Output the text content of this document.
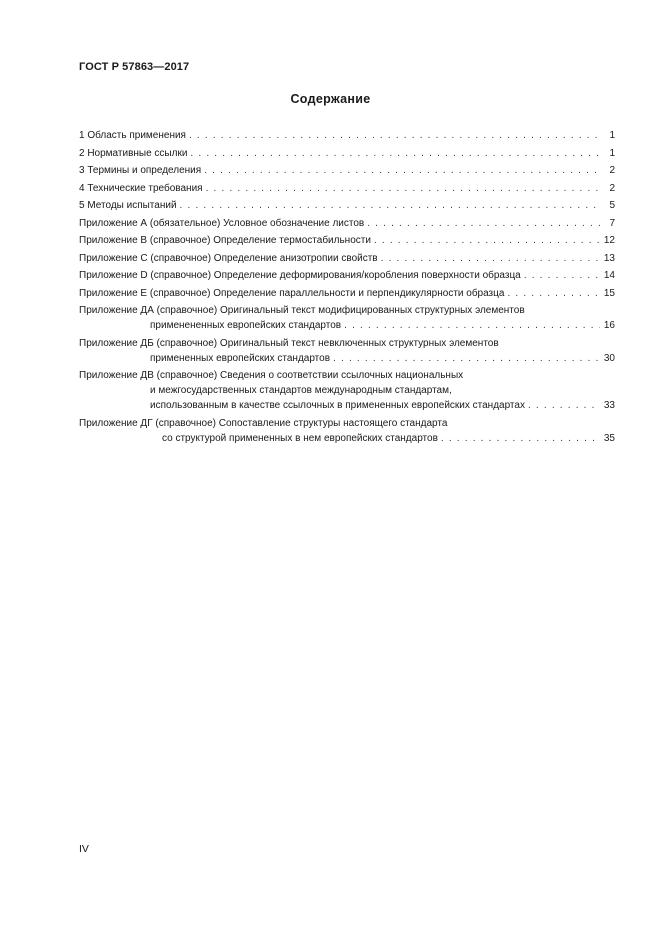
ГОСТ Р 57863—2017
Содержание
1 Область применения . . .	1
2 Нормативные ссылки . . .	1
3 Термины и определения . . .	2
4 Технические требования . . .	2
5 Методы испытаний . . .	5
Приложение А (обязательное) Условное обозначение листов . . .	7
Приложение В (справочное) Определение термостабильности . . .	12
Приложение С (справочное) Определение анизотропии свойств . . .	13
Приложение D (справочное) Определение деформирования/коробления поверхности образца . . .	14
Приложение Е (справочное) Определение параллельности и перпендикулярности образца . . .	15
Приложение ДА (справочное) Оригинальный текст модифицированных структурных элементов
применененных европейских стандартов . . .	16
Приложение ДБ (справочное) Оригинальный текст невключенных структурных элементов
примененных европейских стандартов . . .	30
Приложение ДВ (справочное) Сведения о соответствии ссылочных национальных
и межгосударственных стандартов международным стандартам,
использованным в качестве ссылочных в примененных европейских стандартах . . .	33
Приложение ДГ (справочное) Сопоставление структуры настоящего стандарта
со структурой примененных в нем европейских стандартов . . .	35
IV
